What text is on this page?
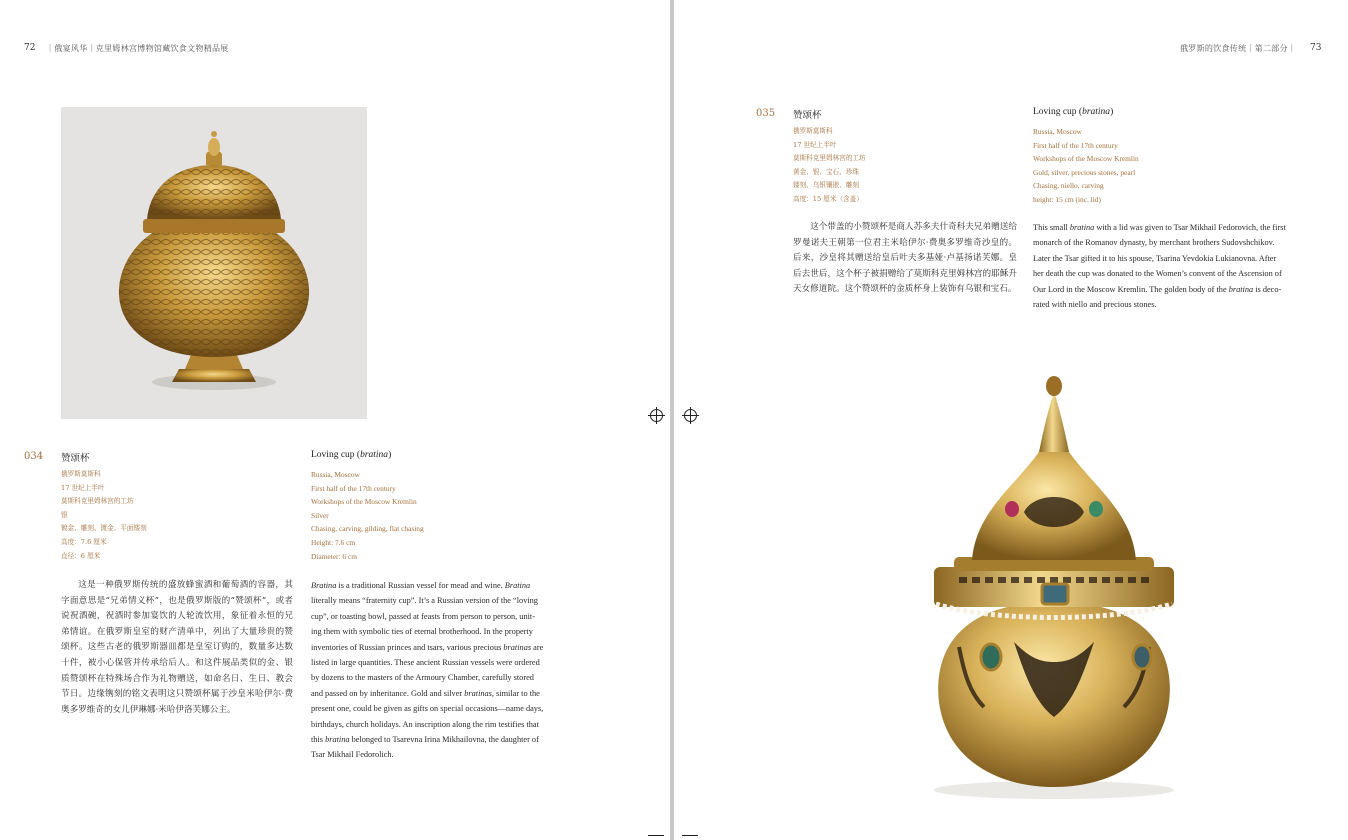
72 ｜俄宴风华｜克里姆林宫博物馆藏饮食文物精品展
034 赞颂杯	Loving cup (bratina)
俄罗斯莫斯科
17 世纪上半叶
莫斯科克里姆林宫的工坊
银
镀金、雕刻、镀金、平面镂刻
高度：7.6 厘米
直径：6 厘米
Russia, Moscow
First half of the 17th century
Workshops of the Moscow Kremlin
Silver
Chasing, carving, gilding, flat chasing
Height: 7.6 cm
Diameter: 6 cm
这是一种俄罗斯传统的盛放蜂蜜酒和葡萄酒的容器，其字面意思是“兄弟情义杯”，也是俄罗斯版的“赞颂杯”，或者说祝酒碗，祝酒时参加宴饮的人轮流饮用，象征着永恒的兄弟情谊。在俄罗斯皇室的财产清单中，列出了大量珍贵的赞颂杯。这些古老的俄罗斯器皿都是皇室订购的，数量多达数十件，被小心保管并传承给后人。和这件展品类似的金、银质赞颂杯在特殊场合作为礼物赠送，如命名日、生日、教会节日。边缘镌刻的铭文表明这只赞颂杯属于沙皇米哈伊尔·费奥多罗维奇的女儿伊琳娜·米哈伊洛芙娜公主。
Bratina is a traditional Russian vessel for mead and wine. Bratina
literally means “fraternity cup”. It’s a Russian version of the “loving
cup”, or toasting bowl, passed at feasts from person to person, unit-
ing them with symbolic ties of eternal brotherhood. In the property
inventories of Russian princes and tsars, various precious bratinas are
listed in large quantities. These ancient Russian vessels were ordered
by dozens to the masters of the Armoury Chamber, carefully stored
and passed on by inheritance. Gold and silver bratinas, similar to the
present one, could be given as gifts on special occasions—name days,
birthdays, church holidays. An inscription along the rim testifies that
this bratina belonged to Tsarevna Irina Mikhailovna, the daughter of
Tsar Mikhail Fedorolich.
俄罗斯的饮食传统｜第二部分｜ 73
035 赞颂杯	Loving cup (bratina)
俄罗斯莫斯科
17 世纪上半叶
莫斯科克里姆林宫的工坊
黄金、银、宝石、珍珠
镂刻、乌银镶嵌、雕刻
高度：15 厘米（含盖）
Russia, Moscow
First half of the 17th century
Workshops of the Moscow Kremlin
Gold, silver, precious stones, pearl
Chasing, niello, carving
height: 15 cm (inc. lid)
这个带盖的小赞颂杯是商人苏多夫什奇科夫兄弟赠送给罗曼诺夫王朝第一位君主米哈伊尔·费奥多罗维奇沙皇的。后来，沙皇将其赠送给皇后叶夫多基娅·卢基扬诺芙娜。皇后去世后，这个杯子被捐赠给了莫斯科克里姆林宫的耶稣升天女修道院。这个赞颂杯的金质杯身上装饰有乌银和宝石。
This small bratina with a lid was given to Tsar Mikhail Fedorovich, the first
monarch of the Romanov dynasty, by merchant brothers Sudovshchikov.
Later the Tsar gifted it to his spouse, Tsarina Yevdokia Lukianovna. After
her death the cup was donated to the Women’s convent of the Ascension of
Our Lord in the Moscow Kremlin. The golden body of the bratina is deco-
rated with niello and precious stones.
